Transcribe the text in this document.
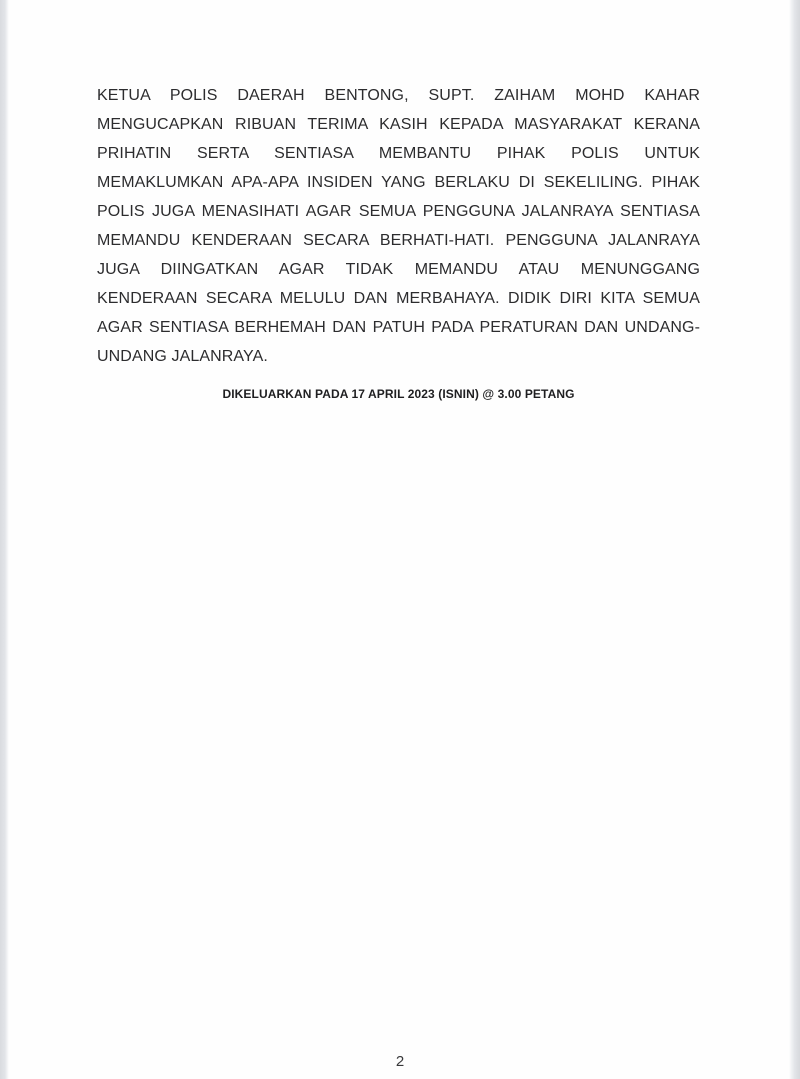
KETUA POLIS DAERAH BENTONG, SUPT. ZAIHAM MOHD KAHAR
MENGUCAPKAN RIBUAN TERIMA KASIH KEPADA MASYARAKAT KERANA
PRIHATIN SERTA SENTIASA MEMBANTU PIHAK POLIS UNTUK
MEMAKLUMKAN APA-APA INSIDEN YANG BERLAKU DI SEKELILING. PIHAK
POLIS JUGA MENASIHATI AGAR SEMUA PENGGUNA JALANRAYA SENTIASA
MEMANDU KENDERAAN SECARA BERHATI-HATI. PENGGUNA JALANRAYA
JUGA DIINGATKAN AGAR TIDAK MEMANDU ATAU MENUNGGANG
KENDERAAN SECARA MELULU DAN MERBAHAYA. DIDIK DIRI KITA SEMUA
AGAR SENTIASA BERHEMAH DAN PATUH PADA PERATURAN DAN UNDANG-
UNDANG JALANRAYA.
DIKELUARKAN PADA 17 APRIL 2023 (ISNIN) @ 3.00 PETANG
2
